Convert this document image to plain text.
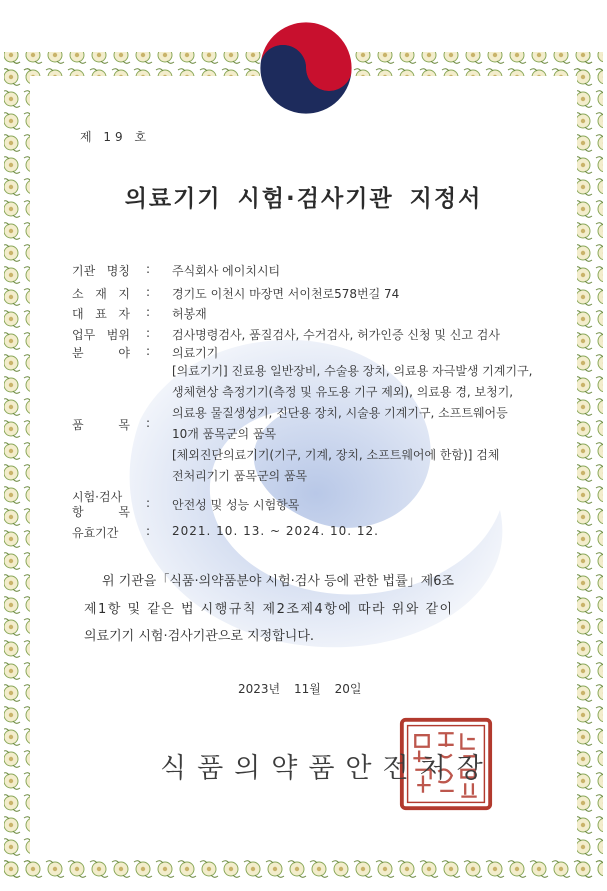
제 19 호
의료기기 시험·검사기관 지정서
기관 명칭 : 주식회사 에이치시티
소 재 지 : 경기도 이천시 마장면 서이천로578번길 74
대 표 자 : 허봉재
업무 범위 : 검사명령검사, 품질검사, 수거검사, 허가인증 신청 및 신고 검사
분 야 : 의료기기
품 목 :
[의료기기] 진료용 일반장비, 수술용 장치, 의료용 자극발생 기계기구,
생체현상 측정기기(측정 및 유도용 기구 제외), 의료용 경, 보청기,
의료용 물질생성기, 진단용 장치, 시술용 기계기구, 소프트웨어등
10개 품목군의 품목
[체외진단의료기기(기구, 기계, 장치, 소프트웨어에 한함)] 검체
전처리기기 품목군의 품목
시험·검사
항 목
: 안전성 및 성능 시험항목
유효기간	: 2021. 10. 13. ~ 2024. 10. 12.
위 기관을「식품·의약품분야 시험·검사 등에 관한 법률」제6조
제1항 및 같은 법 시행규칙 제2조제4항에 따라 위와 같이
의료기기 시험·검사기관으로 지정합니다.
2023년 11월 20일
식품의약품안전처장
